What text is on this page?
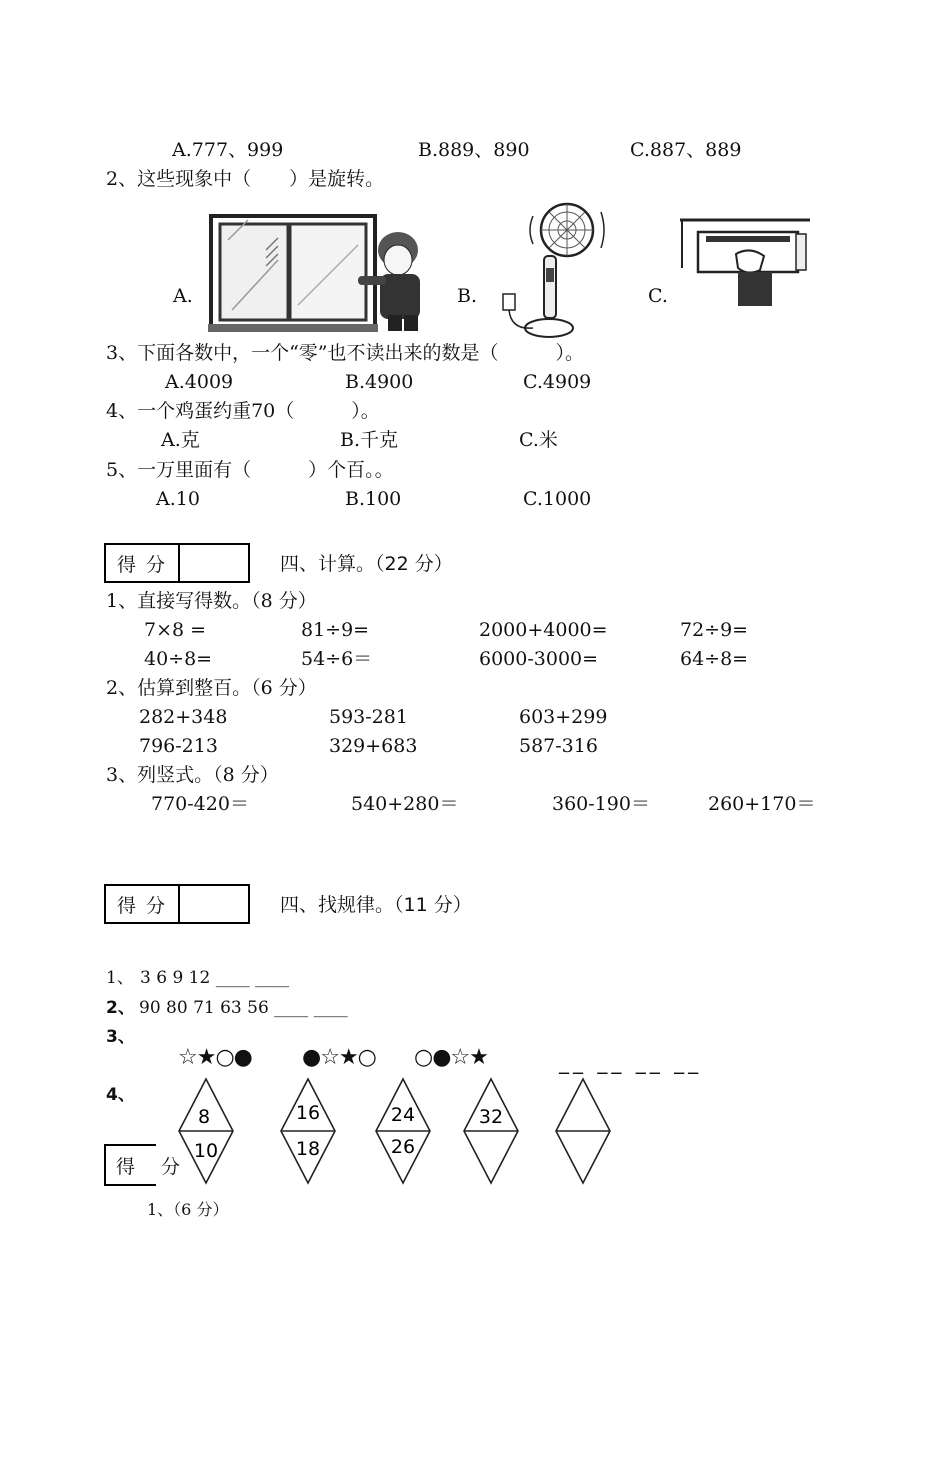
A.777、999	B.889、890	C.887、889
2、这些现象中（　　）是旋转。
A.	B.	C.
3、下面各数中，一个“零”也不读出来的数是（　　　）。
A.4009	B.4900	C.4909
4、一个鸡蛋约重70（　　　）。
A.克	B.千克	C.米
5、一万里面有（　　　）个百。。
A.10	B.100	C.1000
得分	四、计算。（22 分）
1、直接写得数。（8 分）
7×8 =	81÷9=	2000+4000=	72÷9=
40÷8=	54÷6＝	6000-3000=	64÷8=
2、估算到整百。（6 分）
282+348	593-281	603+299
796-213	329+683	587-316
3、列竖式。（8 分）
770-420＝	540+280＝	360-190＝	260+170＝
得分	四、找规律。（11 分）
1、 3 6 9 12 ____ ____
2、 90 80 71 63 56 ____ ____
3、
☆★○● ●☆★○ ○●☆★	__ __ __ __
4、
8
10
16
18
24
26
32
得 分
1、（6 分）
